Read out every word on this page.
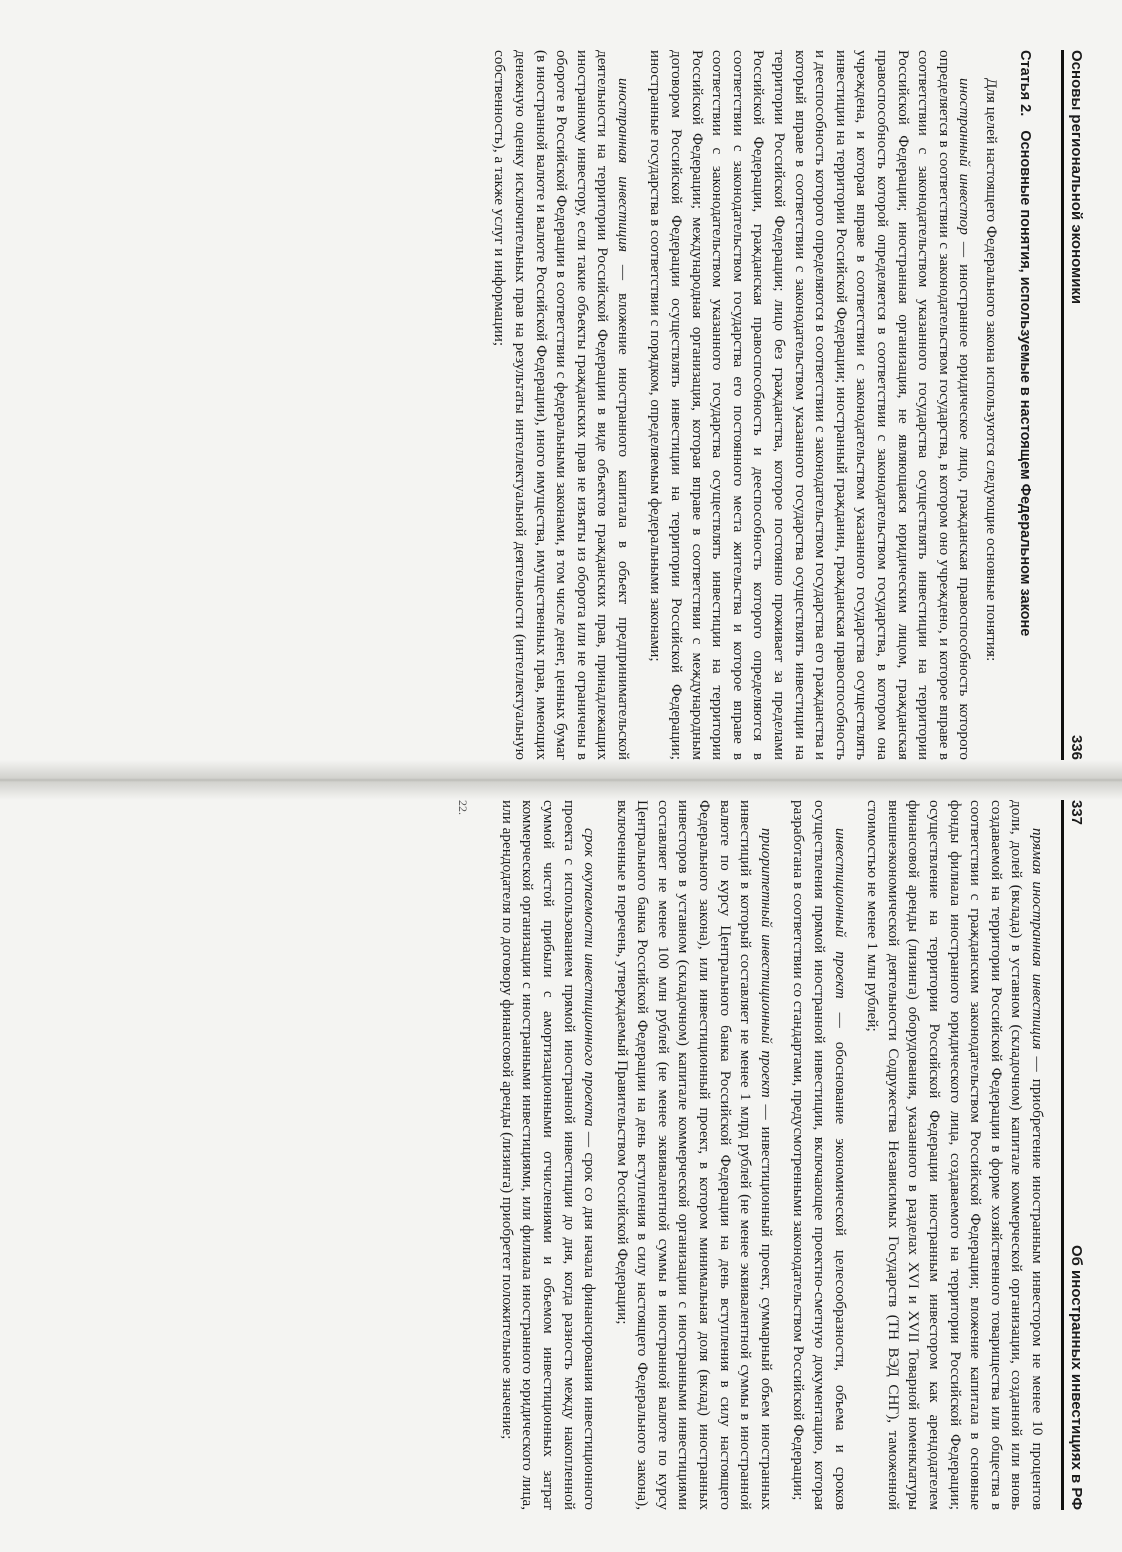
Основы региональной экономики
336
Статья 2.
Основные понятия, используемые в настоящем Федеральном законе

Для целей настоящего Федерального закона используются следующие основные понятия:

иностранный инвестор — иностранное юридическое лицо, гражданская правоспособность которого определяется в соответствии с законодательством государства, в котором оно учреждено, и которое вправе в соответствии с законодательством указанного государства осуществлять инвестиции на территории Российской Федерации; иностранная организация, не являющаяся юридическим лицом, гражданская правоспособность которой определяется в соответствии с законодательством государства, в котором она учреждена, и которая вправе в соответствии с законодательством указанного государства осуществлять инвестиции на территории Российской Федерации; иностранный гражданин, гражданская правоспособность и дееспособность которого определяются в соответствии с законодательством государства его гражданства и который вправе в соответствии с законодательством указанного государства осуществлять инвестиции на территории Российской Федерации; лицо без гражданства, которое постоянно проживает за пределами Российской Федерации, гражданская правоспособность и дееспособность которого определяются в соответствии с законодательством государства его постоянного места жительства и которое вправе в соответствии с законодательством указанного государства осуществлять инвестиции на территории Российской Федерации; международная организация, которая вправе в соответствии с международным договором Российской Федерации осуществлять инвестиции на территории Российской Федерации; иностранные государства в соответствии с порядком, определяемым федеральными законами;

иностранная инвестиция — вложение иностранного капитала в объект предпринимательской деятельности на территории Российской Федерации в виде объектов гражданских прав, принадлежащих иностранному инвестору, если такие объекты гражданских прав не изъяты из оборота или не ограничены в обороте в Российской Федерации в соответствии с федеральными законами, в том числе денег, ценных бумаг (в иностранной валюте и валюте Российской Федерации), иного имущества, имущественных прав, имеющих денежную оценку исключительных прав на результаты интеллектуальной деятельности (интеллектуальную собственность), а также услуг и информации;

337
Об иностранных инвестициях в РФ

прямая иностранная инвестиция — приобретение иностранным инвестором не менее 10 процентов доли, долей (вклада) в уставном (складочном) капитале коммерческой организации, созданной или вновь создаваемой на территории Российской Федерации в форме хозяйственного товарищества или общества в соответствии с гражданским законодательством Российской Федерации; вложение капитала в основные фонды филиала иностранного юридического лица, создаваемого на территории Российской Федерации; осуществление на территории Российской Федерации иностранным инвестором как арендодателем финансовой аренды (лизинга) оборудования, указанного в разделах XVI и XVII Товарной номенклатуры внешнеэкономической деятельности Содружества Независимых Государств (ТН ВЭД СНГ), таможенной стоимостью не менее 1 млн рублей;

инвестиционный проект — обоснование экономической целесообразности, объема и сроков осуществления прямой иностранной инвестиции, включающее проектно-сметную документацию, которая разработана в соответствии со стандартами, предусмотренными законодательством Российской Федерации;

приоритетный инвестиционный проект — инвестиционный проект, суммарный объем иностранных инвестиций в который составляет не менее 1 млрд рублей (не менее эквивалентной суммы в иностранной валюте по курсу Центрального банка Российской Федерации на день вступления в силу настоящего Федерального закона), или инвестиционный проект, в котором минимальная доля (вклад) иностранных инвесторов в уставном (складочном) капитале коммерческой организации с иностранными инвестициями составляет не менее 100 млн рублей (не менее эквивалентной суммы в иностранной валюте по курсу Центрального банка Российской Федерации на день вступления в силу настоящего Федерального закона), включенные в перечень, утверждаемый Правительством Российской Федерации;

срок окупаемости инвестиционного проекта — срок со дня начала финансирования инвестиционного проекта с использованием прямой иностранной инвестиции до дня, когда разность между накопленной суммой чистой прибыли с амортизационными отчислениями и объемом инвестиционных затрат коммерческой организации с иностранными инвестициями, или филиала иностранного юридического лица, или арендодателя по договору финансовой аренды (лизинга) приобретет положительное значение;

22.
